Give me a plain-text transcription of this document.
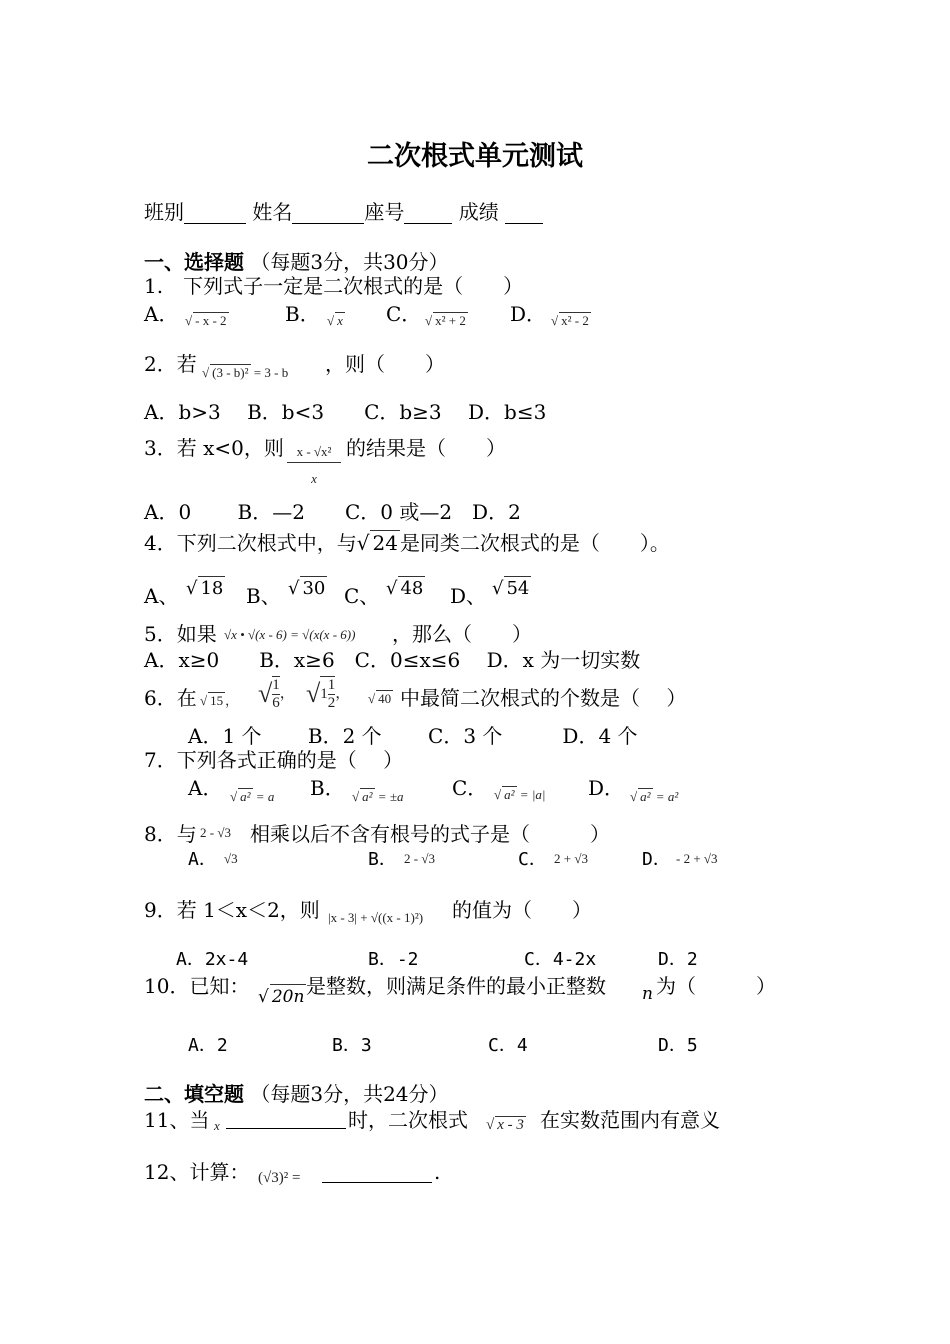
二次根式单元测试
班别	姓名	座号	成绩
一、选择题 （每题3分，共30分）
1.　下列式子一定是二次根式的是（　　）
A． √ - x - 2	B． √ x C． √ x² + 2 D． √ x² - 2
2．若 √ (3 - b)² = 3 - b ，则（　　）
A．b>3　 B．b<3　　C．b≥3　 D．b≤3
3．若 x<0，则 $\frac{\text{x - √x²}}{x}$ 的结果是（　　）
A．0　　 B．—2　　C．0 或—2　D．2
4．下列二次根式中，与√ 24 是同类二次根式的是（　　）。
A、 √ 18 B、 √ 30 C、 √ 48 D、 √ 54
5．如果 √x • √(x - 6) = √(x(x - 6)) ，那么（　　）
A．x≥0　　B．x≥6　C．0≤x≤6　 D．x 为一切实数
6．在 √ 15 ， √ $\frac{1}{6}$ ， $√1 \frac{1}{2}$ ， √ 40 中最简二次根式的个数是（　 ）
A．1 个　　 B．2 个　　 C．3 个　　　D．4 个
7．下列各式正确的是（　 ）
A． √ a² = a B． √ a² = ±a C． √ a² = |a| D． √ a² = a²
8．与 2 - √3 相乘以后不含有根号的式子是（　　　）
A． √3	B． 2 - √3	C． 2 + √3	D． - 2 + √3
9．若 1＜x＜2，则 |x - 3| + √((x - 1)²) 的值为（　　）
A．2x-4	B．-2	C．4-2x	D．2
10．已知： √ 20n 是整数，则满足条件的最小正整数 n 为（　　　）
A．2	B．3	C．4	D．5
二、填空题 （每题3分，共24分）
11、当 x	时，二次根式 √ x - 3 在实数范围内有意义
12、计算： (√3)² =	.
